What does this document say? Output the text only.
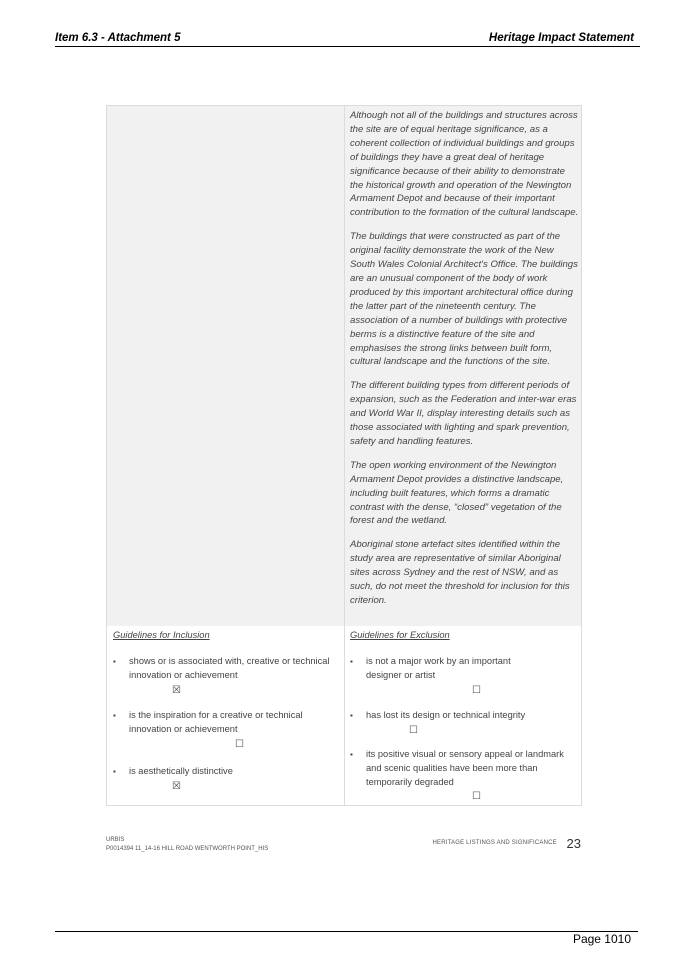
Item 6.3 - Attachment 5	Heritage Impact Statement

Although not all of the buildings and structures across the site are of equal heritage significance, as a coherent collection of individual buildings and groups of buildings they have a great deal of heritage significance because of their ability to demonstrate the historical growth and operation of the Newington Armament Depot and because of their important contribution to the formation of the cultural landscape.

The buildings that were constructed as part of the original facility demonstrate the work of the New South Wales Colonial Architect's Office. The buildings are an unusual component of the body of work produced by this important architectural office during the latter part of the nineteenth century. The association of a number of buildings with protective berms is a distinctive feature of the site and emphasises the strong links between built form, cultural landscape and the functions of the site.

The different building types from different periods of expansion, such as the Federation and inter-war eras and World War II, display interesting details such as those associated with lighting and spark prevention, safety and handling features.

The open working environment of the Newington Armament Depot provides a distinctive landscape, including built features, which forms a dramatic contrast with the dense, “closed” vegetation of the forest and the wetland.

Aboriginal stone artefact sites identified within the study area are representative of similar Aboriginal sites across Sydney and the rest of NSW, and as such, do not meet the threshold for inclusion for this criterion.

Guidelines for Inclusion
▪ shows or is associated with, creative or technical innovation or achievement
☒
▪ is the inspiration for a creative or technical innovation or achievement
☐
▪ is aesthetically distinctive
☒
Guidelines for Exclusion
▪ is not a major work by an important designer or artist
☐
▪ has lost its design or technical integrity
☐
▪ its positive visual or sensory appeal or landmark and scenic qualities have been more than temporarily degraded
☐
URBIS
P0014394 11_14-16 HILL ROAD WENTWORTH POINT_HIS
HERITAGE LISTINGS AND SIGNIFICANCE 23
Page 1010
